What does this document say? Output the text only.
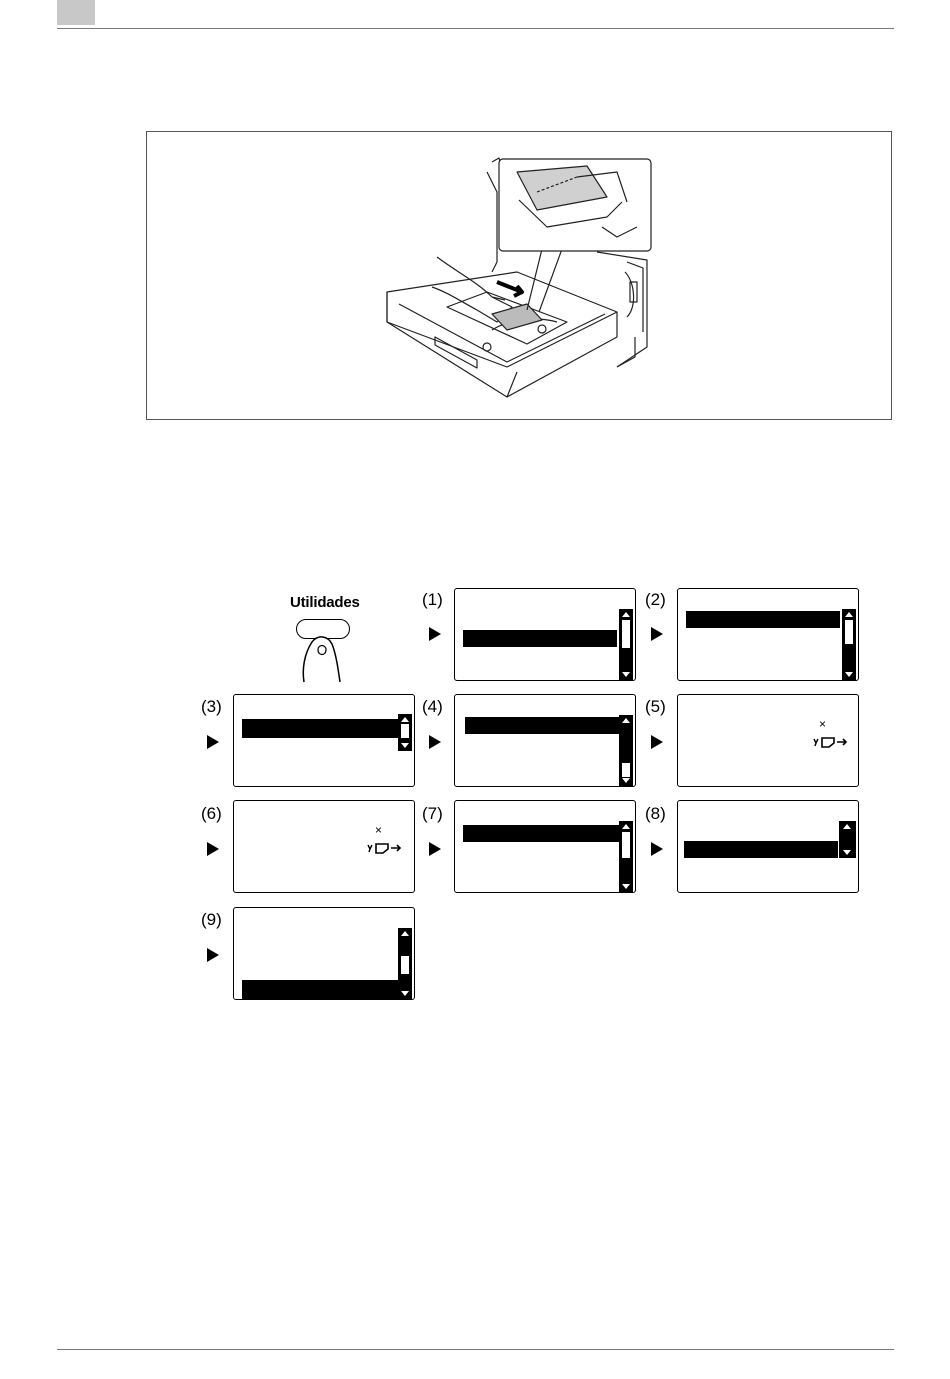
Utilidades	(1)	(2)
(3)	(4)	(5)
×
(6)
×
(7)	(8)
(9)
